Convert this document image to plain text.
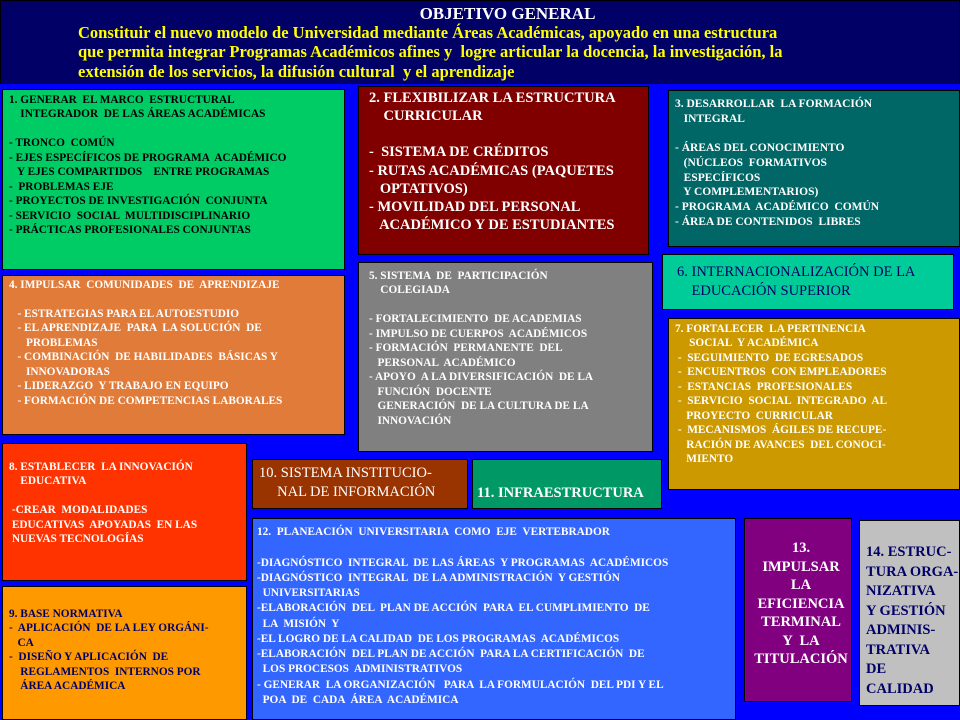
OBJETIVO GENERAL
Constituir el nuevo modelo de Universidad mediante Áreas Académicas, apoyado en una estructura
que permita integrar Programas Académicos afines y  logre articular la docencia, la investigación, la
extensión de los servicios, la difusión cultural  y el aprendizaje
1. GENERAR  EL MARCO  ESTRUCTURAL
INTEGRADOR  DE LAS ÁREAS ACADÉMICAS

- TRONCO  COMÚN
- EJES ESPECÍFICOS DE PROGRAMA  ACADÉMICO
Y EJES COMPARTIDOS    ENTRE PROGRAMAS
-  PROBLEMAS EJE
- PROYECTOS DE INVESTIGACIÓN  CONJUNTA
- SERVICIO  SOCIAL  MULTIDISCIPLINARIO
- PRÁCTICAS PROFESIONALES CONJUNTAS
2. FLEXIBILIZAR LA ESTRUCTURA
CURRICULAR

-  SISTEMA DE CRÉDITOS
- RUTAS ACADÉMICAS (PAQUETES
OPTATIVOS)
- MOVILIDAD DEL PERSONAL
ACADÉMICO Y DE ESTUDIANTES
3. DESARROLLAR  LA FORMACIÓN
INTEGRAL

- ÁREAS DEL CONOCIMIENTO
(NÚCLEOS  FORMATIVOS
ESPECÍFICOS
Y COMPLEMENTARIOS)
- PROGRAMA  ACADÉMICO  COMÚN
- ÁREA DE CONTENIDOS  LIBRES
4. IMPULSAR  COMUNIDADES  DE  APRENDIZAJE

- ESTRATEGIAS PARA EL AUTOESTUDIO
- EL APRENDIZAJE  PARA  LA SOLUCIÓN  DE
PROBLEMAS
- COMBINACIÓN  DE HABILIDADES  BÁSICAS Y
INNOVADORAS
- LIDERAZGO  Y TRABAJO EN EQUIPO
- FORMACIÓN DE COMPETENCIAS LABORALES
5. SISTEMA  DE  PARTICIPACIÓN
COLEGIADA

- FORTALECIMIENTO  DE ACADEMIAS
- IMPULSO DE CUERPOS  ACADÉMICOS
- FORMACIÓN  PERMANENTE  DEL
PERSONAL  ACADÉMICO
- APOYO  A LA DIVERSIFICACIÓN  DE LA
FUNCIÓN  DOCENTE
GENERACIÓN  DE LA CULTURA DE LA
INNOVACIÓN
6. INTERNACIONALIZACIÓN DE LA
EDUCACIÓN SUPERIOR
7. FORTALECER  LA PERTINENCIA
SOCIAL  Y ACADÉMICA
-  SEGUIMIENTO  DE EGRESADOS
-  ENCUENTROS  CON EMPLEADORES
-  ESTANCIAS  PROFESIONALES
-  SERVICIO  SOCIAL  INTEGRADO  AL
PROYECTO  CURRICULAR
-  MECANISMOS  ÁGILES DE RECUPE-
RACIÓN DE AVANCES  DEL CONOCI-
MIENTO
8. ESTABLECER  LA INNOVACIÓN
EDUCATIVA

-CREAR  MODALIDADES
EDUCATIVAS  APOYADAS  EN LAS
NUEVAS TECNOLOGÍAS
9. BASE NORMATIVA
-  APLICACIÓN  DE LA LEY ORGÁNI-
CA
-  DISEÑO Y APLICACIÓN  DE
REGLAMENTOS  INTERNOS POR
ÁREA ACADÉMICA
10. SISTEMA INSTITUCIO-
NAL DE INFORMACIÓN	11. INFRAESTRUCTURA
12.  PLANEACIÓN  UNIVERSITARIA  COMO  EJE  VERTEBRADOR

-DIAGNÓSTICO  INTEGRAL  DE LAS ÁREAS  Y PROGRAMAS  ACADÉMICOS
-DIAGNÓSTICO  INTEGRAL  DE LA ADMINISTRACIÓN  Y GESTIÓN
UNIVERSITARIAS
-ELABORACIÓN  DEL  PLAN DE ACCIÓN  PARA  EL CUMPLIMIENTO  DE
LA  MISIÓN  Y
-EL LOGRO DE LA CALIDAD  DE LOS PROGRAMAS  ACADÉMICOS
-ELABORACIÓN  DEL PLAN DE ACCIÓN  PARA LA CERTIFICACIÓN  DE
LOS PROCESOS  ADMINISTRATIVOS
- GENERAR  LA ORGANIZACIÓN   PARA  LA FORMULACIÓN  DEL PDI Y EL
POA  DE  CADA  ÁREA  ACADÉMICA
13.
IMPULSAR
LA
EFICIENCIA
TERMINAL
Y  LA
TITULACIÓN
14. ESTRUC-
TURA ORGA-
NIZATIVA
Y GESTIÓN
ADMINIS-
TRATIVA
DE
CALIDAD
